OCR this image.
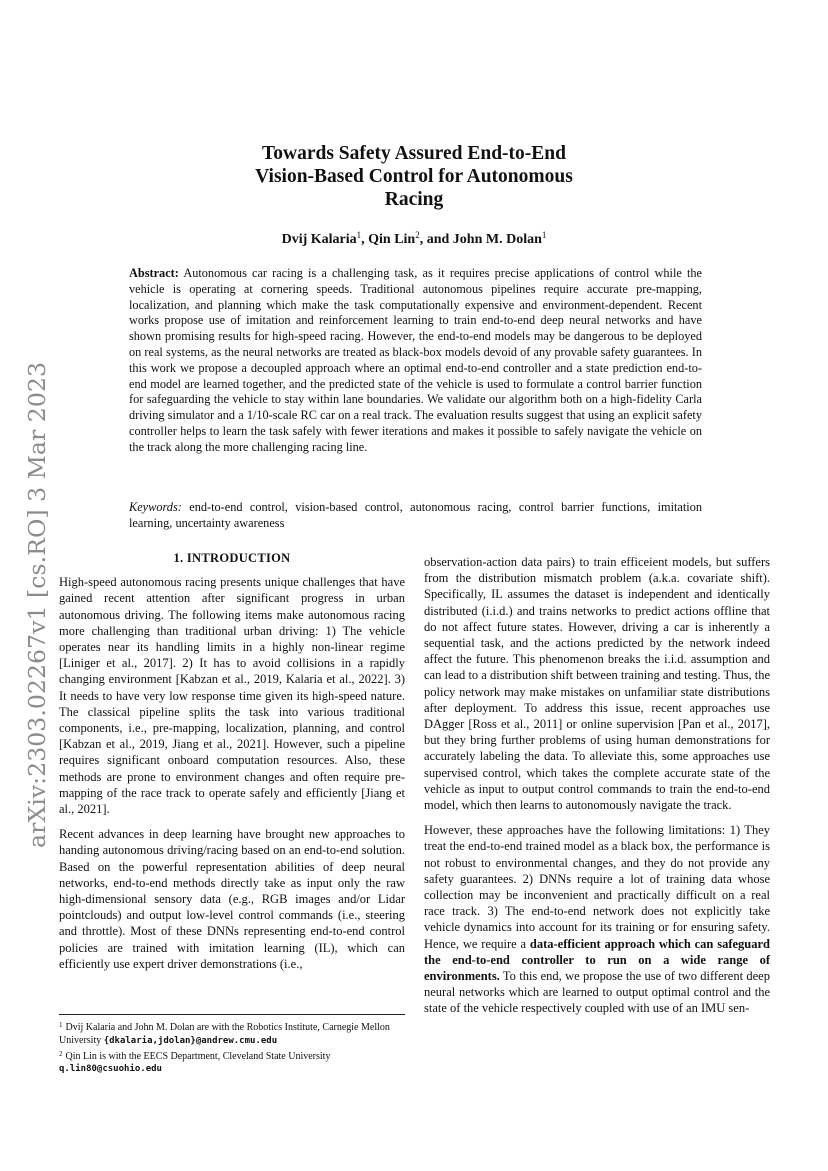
arXiv:2303.02267v1 [cs.RO] 3 Mar 2023
Towards Safety Assured End-to-End
Vision-Based Control for Autonomous
Racing

Dvij Kalaria$^1$, Qin Lin$^2$, and John M. Dolan$^1$

Abstract: Autonomous car racing is a challenging task, as it requires precise applications of control while the vehicle is operating at cornering speeds. Traditional autonomous pipelines require accurate pre-mapping, localization, and planning which make the task computationally expensive and environment-dependent. Recent works propose use of imitation and reinforcement learning to train end-to-end deep neural networks and have shown promising results for high-speed racing. However, the end-to-end models may be dangerous to be deployed on real systems, as the neural networks are treated as black-box models devoid of any provable safety guarantees. In this work we propose a decoupled approach where an optimal end-to-end controller and a state prediction end-to-end model are learned together, and the predicted state of the vehicle is used to formulate a control barrier function for safeguarding the vehicle to stay within lane boundaries. We validate our algorithm both on a high-fidelity Carla driving simulator and a 1/10-scale RC car on a real track. The evaluation results suggest that using an explicit safety controller helps to learn the task safely with fewer iterations and makes it possible to safely navigate the vehicle on the track along the more challenging racing line.

Keywords: end-to-end control, vision-based control, autonomous racing, control barrier functions, imitation learning, uncertainty awareness

1. INTRODUCTION

High-speed autonomous racing presents unique challenges that have gained recent attention after significant progress in urban autonomous driving. The following items make autonomous racing more challenging than traditional urban driving: 1) The vehicle operates near its handling limits in a highly non-linear regime [Liniger et al., 2017]. 2) It has to avoid collisions in a rapidly changing environment [Kabzan et al., 2019, Kalaria et al., 2022]. 3) It needs to have very low response time given its high-speed nature. The classical pipeline splits the task into various traditional components, i.e., pre-mapping, localization, planning, and control [Kabzan et al., 2019, Jiang et al., 2021]. However, such a pipeline requires significant onboard computation resources. Also, these methods are prone to environment changes and often require pre-mapping of the race track to operate safely and efficiently [Jiang et al., 2021].

Recent advances in deep learning have brought new approaches to handing autonomous driving/racing based on an end-to-end solution. Based on the powerful representation abilities of deep neural networks, end-to-end methods directly take as input only the raw high-dimensional sensory data (e.g., RGB images and/or Lidar pointclouds) and output low-level control commands (i.e., steering and throttle). Most of these DNNs representing end-to-end control policies are trained with imitation learning (IL), which can efficiently use expert driver demonstrations (i.e.,

$^1$ Dvij Kalaria and John M. Dolan are with the Robotics Institute, Carnegie Mellon University {dkalaria,jdolan}@andrew.cmu.edu

$^2$ Qin Lin is with the EECS Department, Cleveland State University
q.lin80@csuohio.edu

observation-action data pairs) to train efficeient models, but suffers from the distribution mismatch problem (a.k.a. covariate shift). Specifically, IL assumes the dataset is independent and identically distributed (i.i.d.) and trains networks to predict actions offline that do not affect future states. However, driving a car is inherently a sequential task, and the actions predicted by the network indeed affect the future. This phenomenon breaks the i.i.d. assumption and can lead to a distribution shift between training and testing. Thus, the policy network may make mistakes on unfamiliar state distributions after deployment. To address this issue, recent approaches use DAgger [Ross et al., 2011] or online supervision [Pan et al., 2017], but they bring further problems of using human demonstrations for accurately labeling the data. To alleviate this, some approaches use supervised control, which takes the complete accurate state of the vehicle as input to output control commands to train the end-to-end model, which then learns to autonomously navigate the track.

However, these approaches have the following limitations: 1) They treat the end-to-end trained model as a black box, the performance is not robust to environmental changes, and they do not provide any safety guarantees. 2) DNNs require a lot of training data whose collection may be inconvenient and practically difficult on a real race track. 3) The end-to-end network does not explicitly take vehicle dynamics into account for its training or for ensuring safety. Hence, we require a data-efficient approach which can safeguard the end-to-end controller to run on a wide range of environments. To this end, we propose the use of two different deep neural networks which are learned to output optimal control and the state of the vehicle respectively coupled with use of an IMU sen-
